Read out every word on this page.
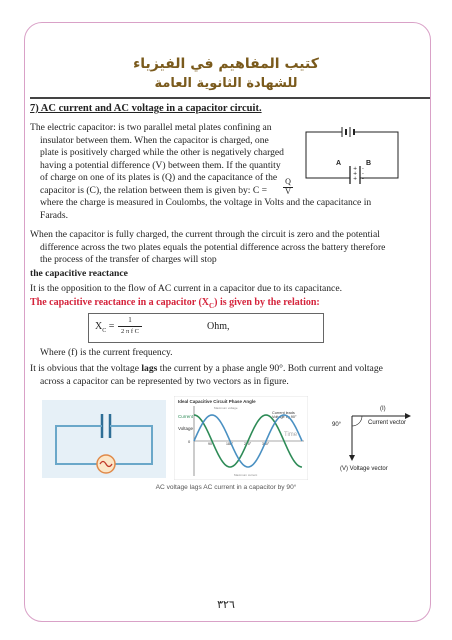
كتيب المفاهيم في الفيزياء
للشهادة الثانوية العامة
7) AC current and AC voltage in a capacitor circuit.
The electric capacitor: is two parallel metal plates confining an
insulator between them. When the capacitor is charged, one
plate is positively charged while the other is negatively charged
having a potential difference (V) between them. If the quantity
of charge on one of its plates is (Q) and the capacitance of the
capacitor is (C), the relation between them is given by: C =
Q
V
where the charge is measured in Coulombs, the voltage in Volts and the capacitance in
Farads.
+
+
+
-
-
-
A	B
When the capacitor is fully charged, the current through the circuit is zero and the potential
difference across the two plates equals the potential difference across the battery therefore
the process of the transfer of charges will stop
the capacitive reactance
It is the opposition to the flow of AC current in a capacitor due to its capacitance.
The capacitive reactance in a capacitor $(X_C)$ is given by the relation:
$X_C$ =
1
2 π f C	Ohm,
Where (f) is the current frequency.
It is obvious that the voltage lags the current by a phase angle 90°. Both current and voltage
across a capacitor can be represented by two vectors as in figure.
Ideal Capacitive Circuit Phase Angle
Current
Voltage
Current leads
Voltage by 90°
Maximum voltage
Maximum current
0
Time
90°	180°	270°	360°
90°
(I)
Current vector
(V) Voltage vector
AC voltage lags AC current in a capacitor by 90°
٣٢٦
